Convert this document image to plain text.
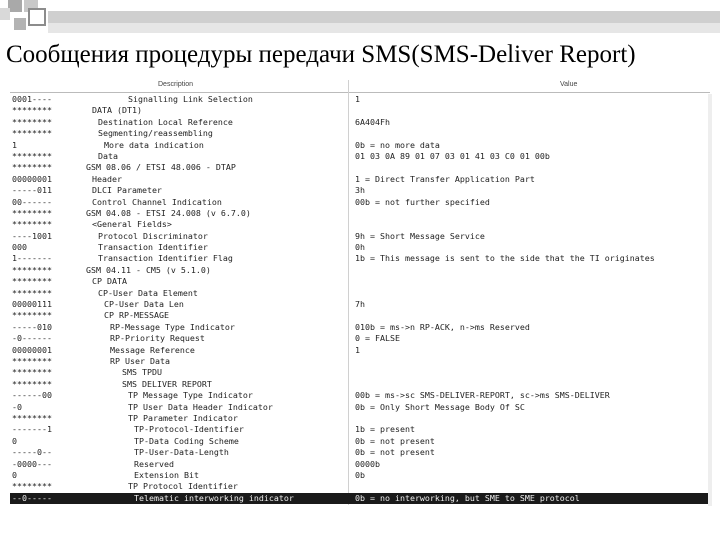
Сообщения процедуры передачи SMS(SMS-Deliver Report)
Description	Value
0001----	Signalling Link Selection	1
********	DATA (DT1)
********	Destination Local Reference	6A404Fh
********	Segmenting/reassembling
1	More data indication	0b = no more data
********	Data	01 03 0A 89 01 07 03 01 41 03 C0 01 00b
********	GSM 08.06 / ETSI 48.006 - DTAP
00000001	Header	1 = Direct Transfer Application Part
-----011	DLCI Parameter	3h
00------	Control Channel Indication	00b = not further specified
********	GSM 04.08 - ETSI 24.008 (v 6.7.0)
********	<General Fields>
----1001	Protocol Discriminator	9h = Short Message Service
000	Transaction Identifier	0h
1-------	Transaction Identifier Flag	1b = This message is sent to the side that the TI originates
********	GSM 04.11 - CM5 (v 5.1.0)
********	CP DATA
********	CP-User Data Element
00000111	CP-User Data Len	7h
********	CP RP-MESSAGE
-----010	RP-Message Type Indicator	010b = ms->n RP-ACK, n->ms Reserved
-0------	RP-Priority Request	0 = FALSE
00000001	Message Reference	1
********	RP User Data
********	SMS TPDU
********	SMS DELIVER REPORT
------00	TP Message Type Indicator	00b = ms->sc SMS-DELIVER-REPORT, sc->ms SMS-DELIVER
-0	TP User Data Header Indicator	0b = Only Short Message Body Of SC
********	TP Parameter Indicator
-------1	TP-Protocol-Identifier	1b = present
0	TP-Data Coding Scheme	0b = not present
-----0--	TP-User-Data-Length	0b = not present
-0000---	Reserved	0000b
0	Extension Bit	0b
********	TP Protocol Identifier
--0-----	Telematic interworking indicator	0b = no interworking, but SME to SME protocol
